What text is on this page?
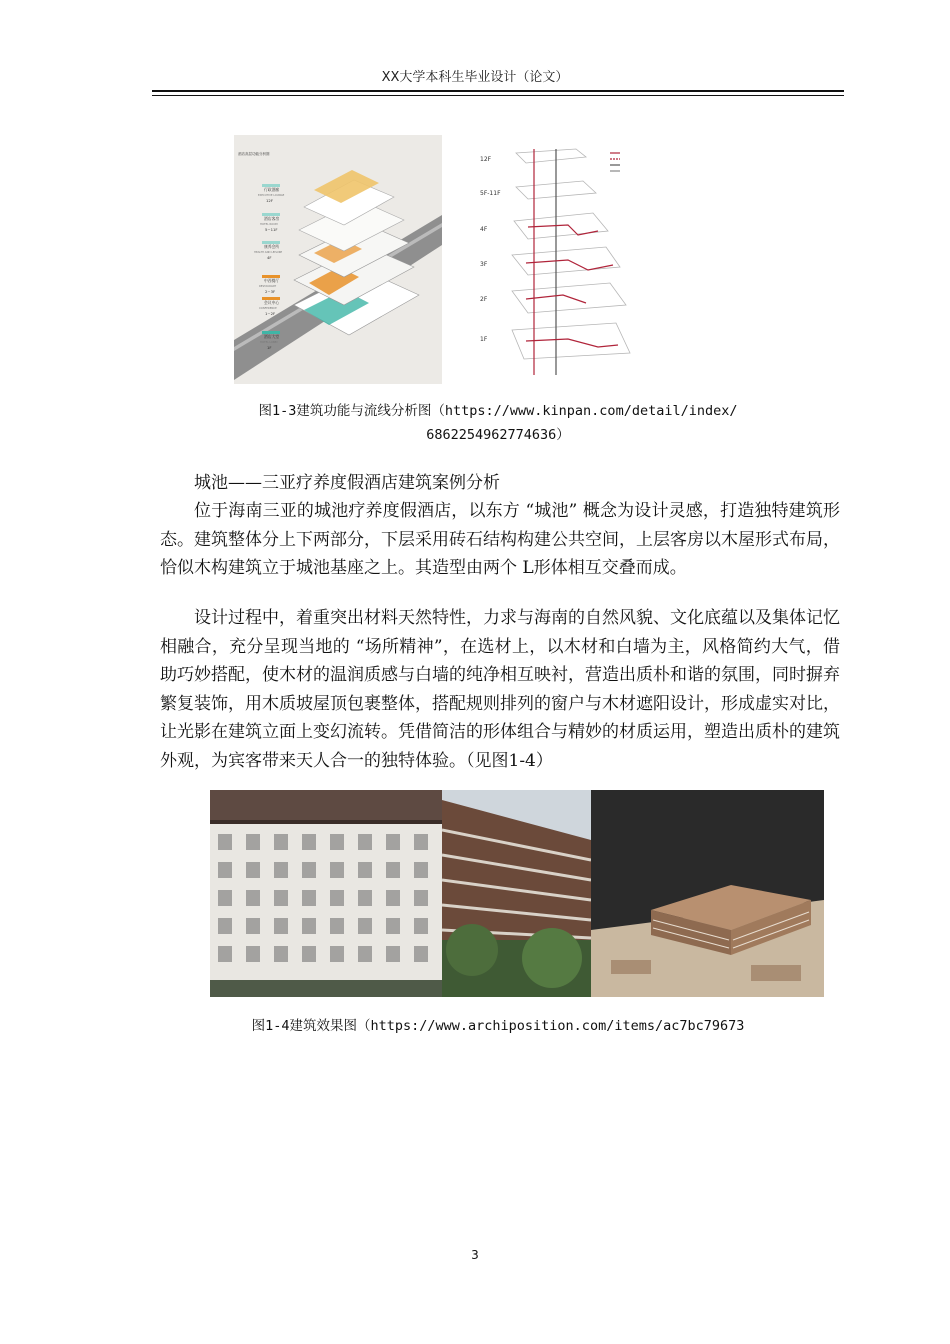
XX大学本科生毕业设计（论文）
酒店高层功能分析图
行政酒廊
EXECUTIVE LOUNGE
12F
酒店客房
HOTEL ROOM
5~11F
康养会所
HEALTH AND LEISURE
4F
中西餐厅
RESTAURANT
2~3F
会议中心
CONFERENCE
1~2F
酒店大堂
HOTEL LOBBY
1F
12F
5F-11F
4F
3F
2F
1F
图1-3建筑功能与流线分析图（https://www.kinpan.com/detail/index/
6862254962774636）

城池——三亚疗养度假酒店建筑案例分析

位于海南三亚的城池疗养度假酒店，以东方 “城池” 概念为设计灵感，打造独特建筑形态。建筑整体分上下两部分，下层采用砖石结构构建公共空间，上层客房以木屋形式布局，恰似木构建筑立于城池基座之上。其造型由两个 L形体相互交叠而成。

设计过程中，着重突出材料天然特性，力求与海南的自然风貌、文化底蕴以及集体记忆相融合，充分呈现当地的 “场所精神”，在选材上，以木材和白墙为主，风格简约大气，借助巧妙搭配，使木材的温润质感与白墙的纯净相互映衬，营造出质朴和谐的氛围，同时摒弃繁复装饰，用木质坡屋顶包裹整体，搭配规则排列的窗户与木材遮阳设计，形成虚实对比，让光影在建筑立面上变幻流转。凭借简洁的形体组合与精妙的材质运用，塑造出质朴的建筑外观，为宾客带来天人合一的独特体验。（见图1-4）

图1-4建筑效果图（https://www.archiposition.com/items/ac7bc79673
3
